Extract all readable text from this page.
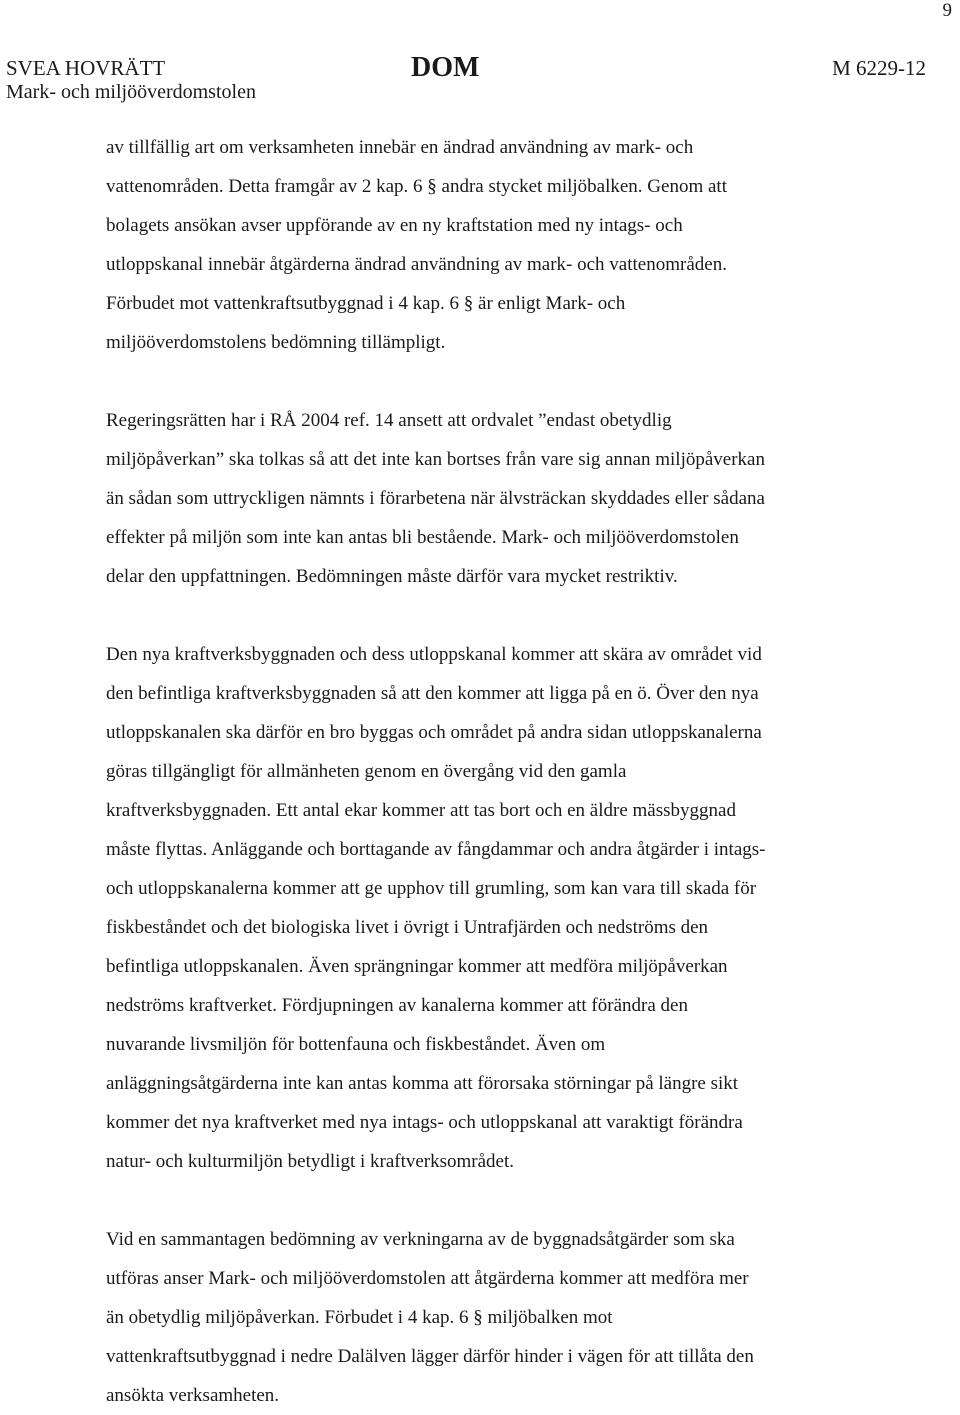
9
SVEA HOVRÄTT
Mark- och miljööverdomstolen
DOM	M 6229-12

av tillfällig art om verksamheten innebär en ändrad användning av mark- och
vattenområden. Detta framgår av 2 kap. 6 § andra stycket miljöbalken. Genom att
bolagets ansökan avser uppförande av en ny kraftstation med ny intags- och
utloppskanal innebär åtgärderna ändrad användning av mark- och vattenområden.
Förbudet mot vattenkraftsutbyggnad i 4 kap. 6 § är enligt Mark- och
miljööverdomstolens bedömning tillämpligt.

Regeringsrätten har i RÅ 2004 ref. 14 ansett att ordvalet ”endast obetydlig
miljöpåverkan” ska tolkas så att det inte kan bortses från vare sig annan miljöpåverkan
än sådan som uttryckligen nämnts i förarbetena när älvsträckan skyddades eller sådana
effekter på miljön som inte kan antas bli bestående. Mark- och miljööverdomstolen
delar den uppfattningen. Bedömningen måste därför vara mycket restriktiv.

Den nya kraftverksbyggnaden och dess utloppskanal kommer att skära av området vid
den befintliga kraftverksbyggnaden så att den kommer att ligga på en ö. Över den nya
utloppskanalen ska därför en bro byggas och området på andra sidan utloppskanalerna
göras tillgängligt för allmänheten genom en övergång vid den gamla
kraftverksbyggnaden. Ett antal ekar kommer att tas bort och en äldre mässbyggnad
måste flyttas. Anläggande och borttagande av fångdammar och andra åtgärder i intags-
och utloppskanalerna kommer att ge upphov till grumling, som kan vara till skada för
fiskbeståndet och det biologiska livet i övrigt i Untrafjärden och nedströms den
befintliga utloppskanalen. Även sprängningar kommer att medföra miljöpåverkan
nedströms kraftverket. Fördjupningen av kanalerna kommer att förändra den
nuvarande livsmiljön för bottenfauna och fiskbeståndet. Även om
anläggningsåtgärderna inte kan antas komma att förorsaka störningar på längre sikt
kommer det nya kraftverket med nya intags- och utloppskanal att varaktigt förändra
natur- och kulturmiljön betydligt i kraftverksområdet.

Vid en sammantagen bedömning av verkningarna av de byggnadsåtgärder som ska
utföras anser Mark- och miljööverdomstolen att åtgärderna kommer att medföra mer
än obetydlig miljöpåverkan. Förbudet i 4 kap. 6 § miljöbalken mot
vattenkraftsutbyggnad i nedre Dalälven lägger därför hinder i vägen för att tillåta den
ansökta verksamheten.
